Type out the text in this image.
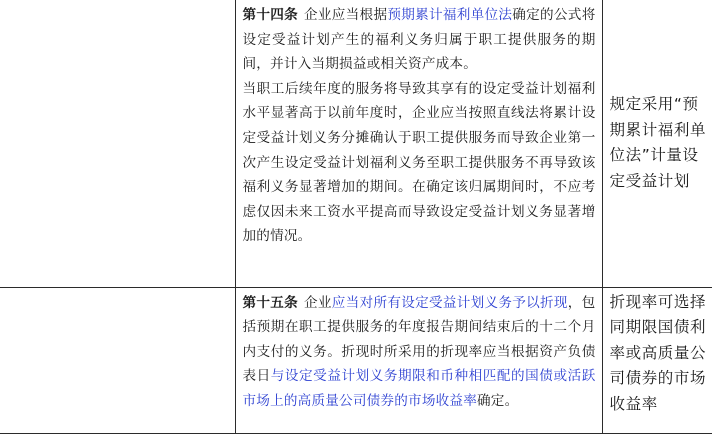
	第十四条 企业应当根据预期累计福利单位法确定的公式将设定受益计划产生的福利义务归属于职工提供服务的期间，并计入当期损益或相关资产成本。

当职工后续年度的服务将导致其享有的设定受益计划福利水平显著高于以前年度时，企业应当按照直线法将累计设定受益计划义务分摊确认于职工提供服务而导致企业第一次产生设定受益计划福利义务至职工提供服务不再导致该福利义务显著增加的期间。在确定该归属期间时，不应考虑仅因未来工资水平提高而导致设定受益计划义务显著增加的情况。	规定采用“预期累计福利单位法”计量设定受益计划

	第十五条 企业应当对所有设定受益计划义务予以折现，包括预期在职工提供服务的年度报告期间结束后的十二个月内支付的义务。折现时所采用的折现率应当根据资产负债表日与设定受益计划义务期限和币种相匹配的国债或活跃市场上的高质量公司债券的市场收益率确定。	折现率可选择同期限国债利率或高质量公司债券的市场收益率
